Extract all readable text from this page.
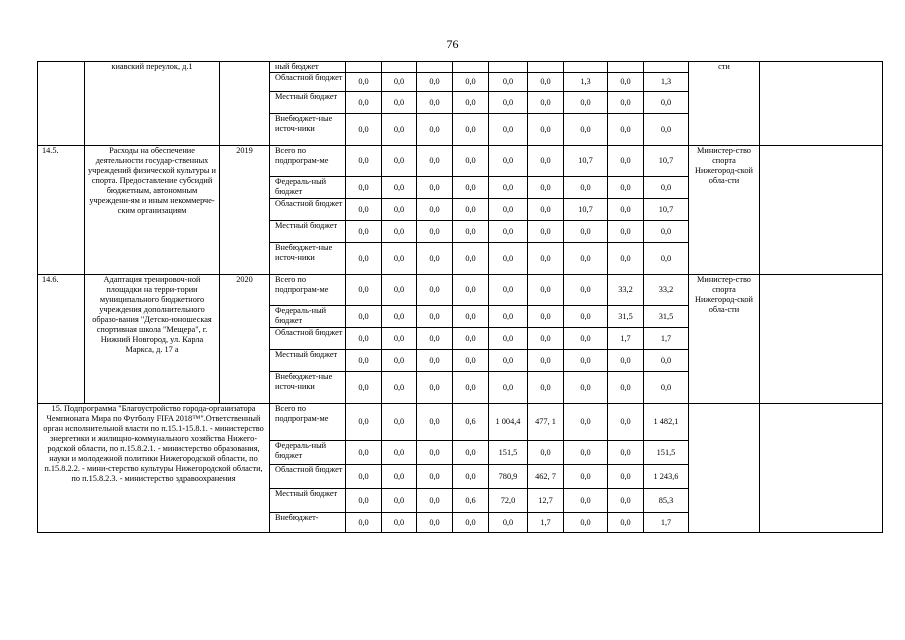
76
	киавский переулок, д.1		ный бюджет										сти	
			Областной бюджет	0,0	0,0	0,0	0,0	0,0	0,0	1,3	0,0	1,3		
			Местный бюджет	0,0	0,0	0,0	0,0	0,0	0,0	0,0	0,0	0,0		
			Внебюджет-ные источ-ники	0,0	0,0	0,0	0,0	0,0	0,0	0,0	0,0	0,0		
14.5.	Расходы на обеспечение деятельности государ-ственных учреждений физической культуры и спорта. Предоставление субсидий бюджетным, автономным учреждени-ям и иным некоммерче-ским организациям	2019	Всего по подпрограм-ме	0,0	0,0	0,0	0,0	0,0	0,0	10,7	0,0	10,7	Министер-ство спорта Нижегород-ской обла-сти	
			Федераль-ный бюджет	0,0	0,0	0,0	0,0	0,0	0,0	0,0	0,0	0,0		
			Областной бюджет	0,0	0,0	0,0	0,0	0,0	0,0	10,7	0,0	10,7		
			Местный бюджет	0,0	0,0	0,0	0,0	0,0	0,0	0,0	0,0	0,0		
			Внебюджет-ные источ-ники	0,0	0,0	0,0	0,0	0,0	0,0	0,0	0,0	0,0		
14.6.	Адаптация тренировоч-ной площадки на терри-тории муниципального бюджетного учреждения дополнительного образо-вания "Детско-юношеская спортивная школа "Мещера", г. Нижний Новгород, ул. Карла Маркса, д. 17 а	2020	Всего по подпрограм-ме	0,0	0,0	0,0	0,0	0,0	0,0	0,0	33,2	33,2	Министер-ство спорта Нижегород-ской обла-сти	
			Федераль-ный бюджет	0,0	0,0	0,0	0,0	0,0	0,0	0,0	31,5	31,5		
			Областной бюджет	0,0	0,0	0,0	0,0	0,0	0,0	0,0	1,7	1,7		
			Местный бюджет	0,0	0,0	0,0	0,0	0,0	0,0	0,0	0,0	0,0		
			Внебюджет-ные источ-ники	0,0	0,0	0,0	0,0	0,0	0,0	0,0	0,0	0,0		
15. Подпрограмма "Благоустройство города-организатора Чемпионата Мира по Футболу FIFA 2018™".Ответственный орган исполнительной власти по п.15.1-15.8.1. - министерство энергетики и жилищно-коммунального хозяйства Нижего-родской области, по п.15.8.2.1. - министерство образования, науки и молодежной политики Нижегородской области, по п.15.8.2.2. - мини-стерство культуры Нижегородской области, по п.15.8.2.3. - министерство здравоохранения			Всего по подпрограм-ме	0,0	0,0	0,0	0,6	1 004,4	477, 1	0,0	0,0	1 482,1		
			Федераль-ный бюджет	0,0	0,0	0,0	0,0	151,5	0,0	0,0	0,0	151,5		
			Областной бюджет	0,0	0,0	0,0	0,0	780,9	462, 7	0,0	0,0	1 243,6		
			Местный бюджет	0,0	0,0	0,0	0,6	72,0	12,7	0,0	0,0	85,3		
			Внебюджет-	0,0	0,0	0,0	0,0	0,0	1,7	0,0	0,0	1,7		
